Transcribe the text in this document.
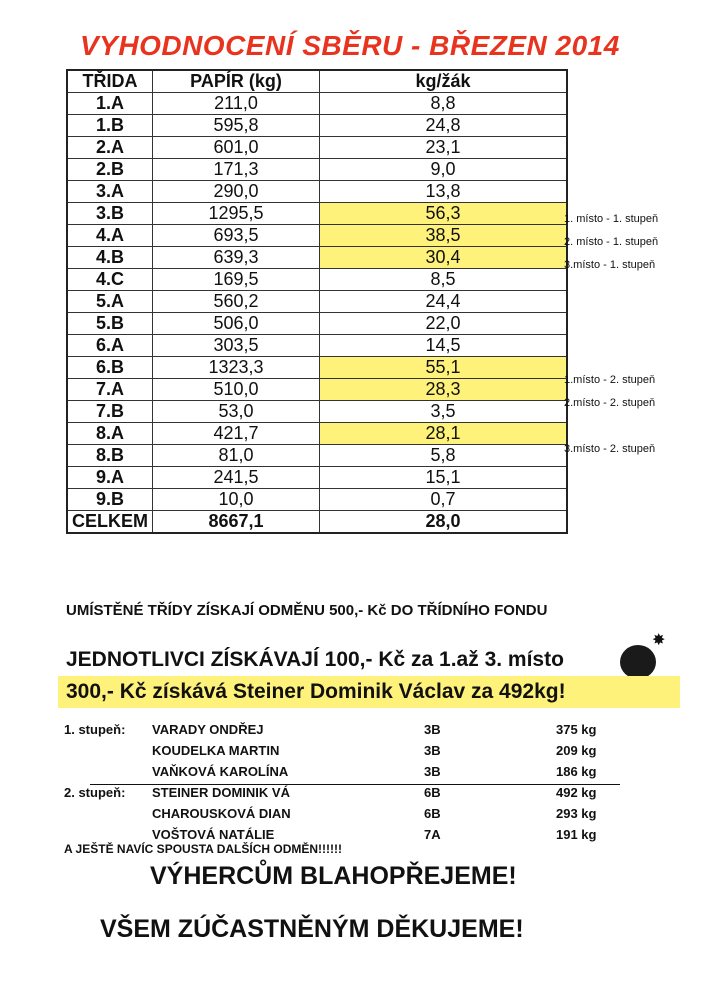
VYHODNOCENÍ SBĚRU - BŘEZEN 2014
TŘIDA	PAPÍR (kg)	kg/žák
1.A	211,0	8,8
1.B	595,8	24,8
2.A	601,0	23,1
2.B	171,3	9,0
3.A	290,0	13,8
3.B	1295,5	56,3
4.A	693,5	38,5
4.B	639,3	30,4
4.C	169,5	8,5
5.A	560,2	24,4
5.B	506,0	22,0
6.A	303,5	14,5
6.B	1323,3	55,1
7.A	510,0	28,3
7.B	53,0	3,5
8.A	421,7	28,1
8.B	81,0	5,8
9.A	241,5	15,1
9.B	10,0	0,7
CELKEM	8667,1	28,0
1. místo - 1. stupeň
2. místo - 1. stupeň
3.místo - 1. stupeň
1.místo - 2. stupeň
2.místo - 2. stupeň
3.místo - 2. stupeň
UMÍSTĚNÉ TŘÍDY ZÍSKAJÍ ODMĚNU 500,- Kč DO TŘÍDNÍHO FONDU
JEDNOTLIVCI ZÍSKÁVAJÍ 100,- Kč za 1.až 3. místo
✸
300,- Kč získává Steiner Dominik Václav za 492kg!
1. stupeň: VARADY ONDŘEJ	3B	375 kg
KOUDELKA MARTIN	3B	209 kg
VAŇKOVÁ KAROLÍNA	3B	186 kg
2. stupeň: STEINER DOMINIK VÁ	6B	492 kg
CHAROUSKOVÁ DIAN	6B	293 kg
VOŠTOVÁ NATÁLIE	7A	191 kg
A JEŠTĚ NAVÍC SPOUSTA DALŠÍCH ODMĚN!!!!!!
VÝHERCŮM BLAHOPŘEJEME!
VŠEM ZÚČASTNĚNÝM DĚKUJEME!
